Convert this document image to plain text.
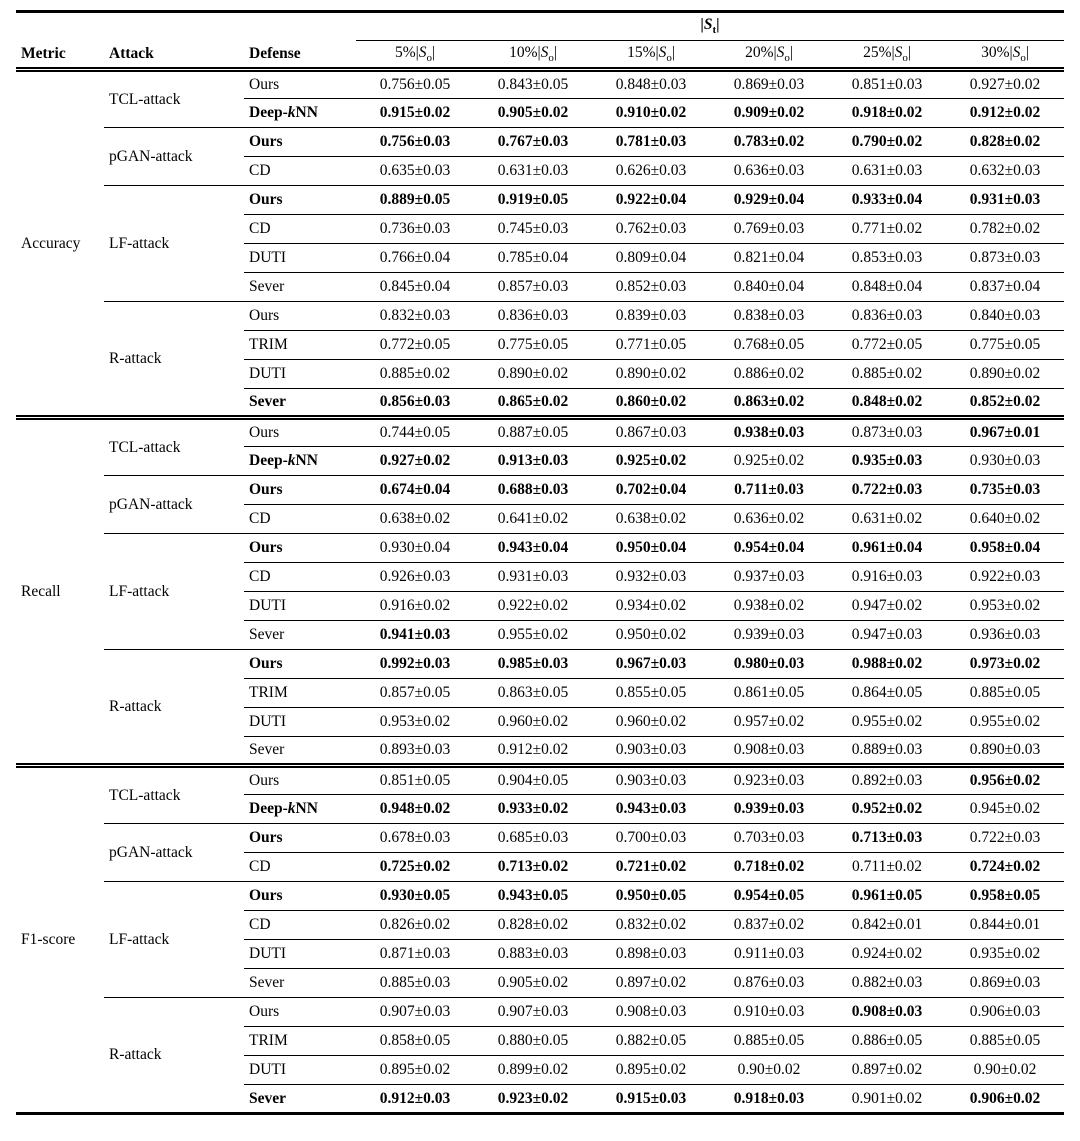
			$|S_t|$					
Metric	Attack	Defense	$5\%|S_o|$	$10\%|S_o|$	$15\%|S_o|$	$20\%|S_o|$	$25\%|S_o|$	$30\%|S_o|$
Accuracy	TCL-attack	Ours	0.756±0.05	0.843±0.05	0.848±0.03	0.869±0.03	0.851±0.03	0.927±0.02
		Deep-kNN	0.915±0.02	0.905±0.02	0.910±0.02	0.909±0.02	0.918±0.02	0.912±0.02
	pGAN-attack	Ours	0.756±0.03	0.767±0.03	0.781±0.03	0.783±0.02	0.790±0.02	0.828±0.02
		CD	0.635±0.03	0.631±0.03	0.626±0.03	0.636±0.03	0.631±0.03	0.632±0.03
	LF-attack	Ours	0.889±0.05	0.919±0.05	0.922±0.04	0.929±0.04	0.933±0.04	0.931±0.03
		CD	0.736±0.03	0.745±0.03	0.762±0.03	0.769±0.03	0.771±0.02	0.782±0.02
		DUTI	0.766±0.04	0.785±0.04	0.809±0.04	0.821±0.04	0.853±0.03	0.873±0.03
		Sever	0.845±0.04	0.857±0.03	0.852±0.03	0.840±0.04	0.848±0.04	0.837±0.04
	R-attack	Ours	0.832±0.03	0.836±0.03	0.839±0.03	0.838±0.03	0.836±0.03	0.840±0.03
		TRIM	0.772±0.05	0.775±0.05	0.771±0.05	0.768±0.05	0.772±0.05	0.775±0.05
		DUTI	0.885±0.02	0.890±0.02	0.890±0.02	0.886±0.02	0.885±0.02	0.890±0.02
		Sever	0.856±0.03	0.865±0.02	0.860±0.02	0.863±0.02	0.848±0.02	0.852±0.02
Recall	TCL-attack	Ours	0.744±0.05	0.887±0.05	0.867±0.03	0.938±0.03	0.873±0.03	0.967±0.01
		Deep-kNN	0.927±0.02	0.913±0.03	0.925±0.02	0.925±0.02	0.935±0.03	0.930±0.03
	pGAN-attack	Ours	0.674±0.04	0.688±0.03	0.702±0.04	0.711±0.03	0.722±0.03	0.735±0.03
		CD	0.638±0.02	0.641±0.02	0.638±0.02	0.636±0.02	0.631±0.02	0.640±0.02
	LF-attack	Ours	0.930±0.04	0.943±0.04	0.950±0.04	0.954±0.04	0.961±0.04	0.958±0.04
		CD	0.926±0.03	0.931±0.03	0.932±0.03	0.937±0.03	0.916±0.03	0.922±0.03
		DUTI	0.916±0.02	0.922±0.02	0.934±0.02	0.938±0.02	0.947±0.02	0.953±0.02
		Sever	0.941±0.03	0.955±0.02	0.950±0.02	0.939±0.03	0.947±0.03	0.936±0.03
	R-attack	Ours	0.992±0.03	0.985±0.03	0.967±0.03	0.980±0.03	0.988±0.02	0.973±0.02
		TRIM	0.857±0.05	0.863±0.05	0.855±0.05	0.861±0.05	0.864±0.05	0.885±0.05
		DUTI	0.953±0.02	0.960±0.02	0.960±0.02	0.957±0.02	0.955±0.02	0.955±0.02
		Sever	0.893±0.03	0.912±0.02	0.903±0.03	0.908±0.03	0.889±0.03	0.890±0.03
F1-score	TCL-attack	Ours	0.851±0.05	0.904±0.05	0.903±0.03	0.923±0.03	0.892±0.03	0.956±0.02
		Deep-kNN	0.948±0.02	0.933±0.02	0.943±0.03	0.939±0.03	0.952±0.02	0.945±0.02
	pGAN-attack	Ours	0.678±0.03	0.685±0.03	0.700±0.03	0.703±0.03	0.713±0.03	0.722±0.03
		CD	0.725±0.02	0.713±0.02	0.721±0.02	0.718±0.02	0.711±0.02	0.724±0.02
	LF-attack	Ours	0.930±0.05	0.943±0.05	0.950±0.05	0.954±0.05	0.961±0.05	0.958±0.05
		CD	0.826±0.02	0.828±0.02	0.832±0.02	0.837±0.02	0.842±0.01	0.844±0.01
		DUTI	0.871±0.03	0.883±0.03	0.898±0.03	0.911±0.03	0.924±0.02	0.935±0.02
		Sever	0.885±0.03	0.905±0.02	0.897±0.02	0.876±0.03	0.882±0.03	0.869±0.03
	R-attack	Ours	0.907±0.03	0.907±0.03	0.908±0.03	0.910±0.03	0.908±0.03	0.906±0.03
		TRIM	0.858±0.05	0.880±0.05	0.882±0.05	0.885±0.05	0.886±0.05	0.885±0.05
		DUTI	0.895±0.02	0.899±0.02	0.895±0.02	0.90±0.02	0.897±0.02	0.90±0.02
		Sever	0.912±0.03	0.923±0.02	0.915±0.03	0.918±0.03	0.901±0.02	0.906±0.02
